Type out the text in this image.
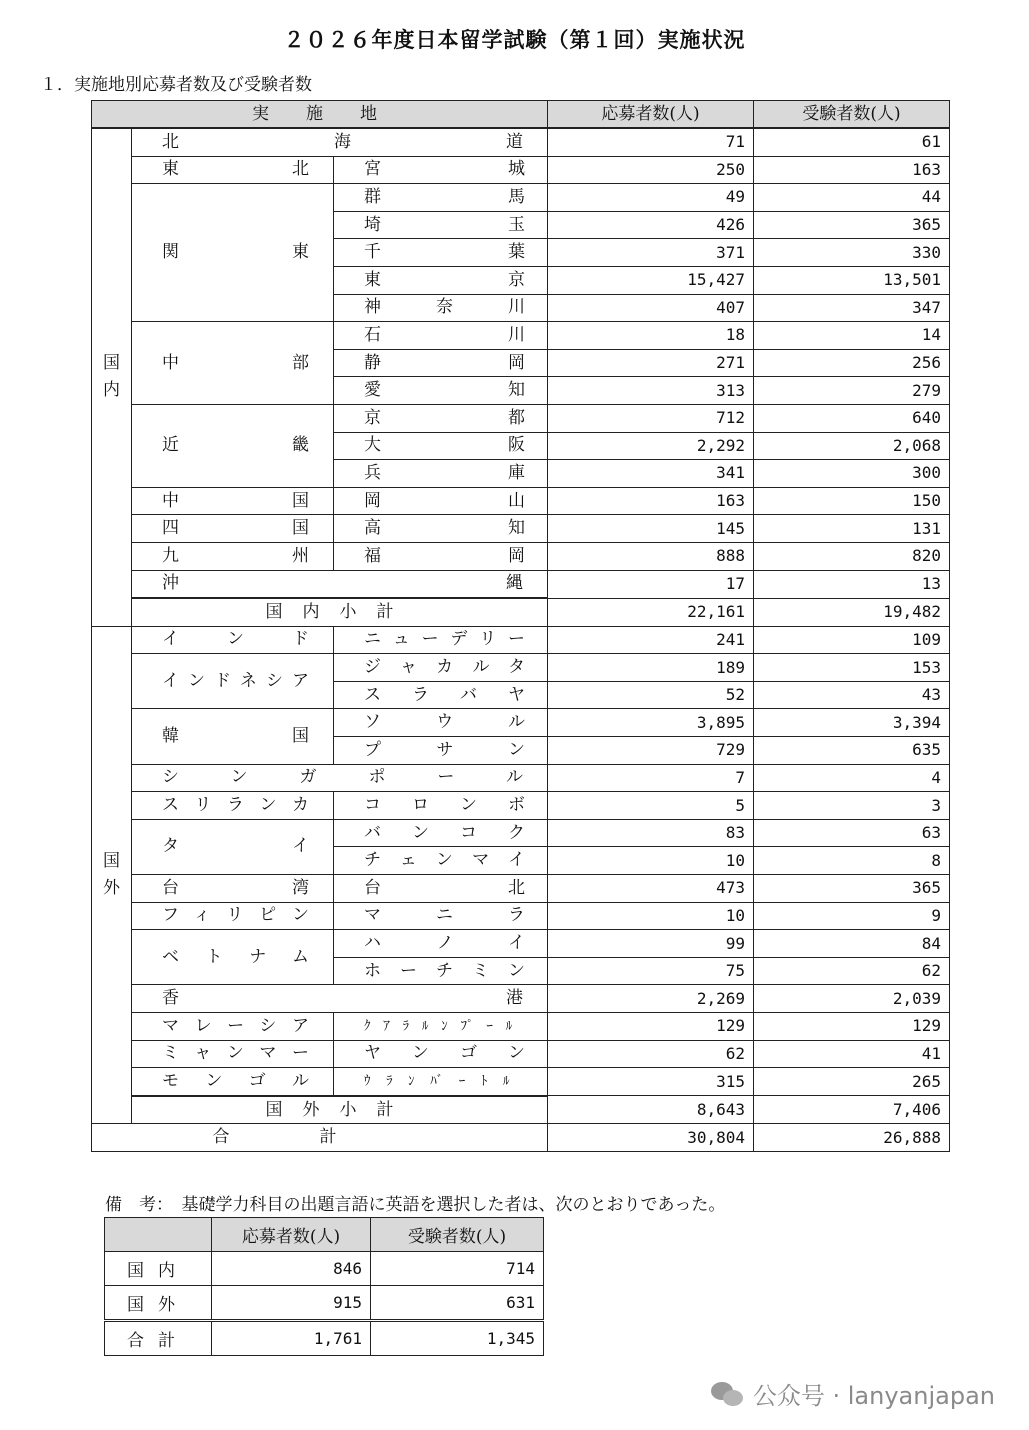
２０２６年度日本留学試験（第１回）実施状況
１．実施地別応募者数及び受験者数
実　施　地			応募者数(人)	受験者数(人)
国
内	北海道		71	61
	東北	宮城	250	163
	関東	群馬	49	44
		埼玉	426	365
		千葉	371	330
		東京	15,427	13,501
		神奈川	407	347
	中部	石川	18	14
		静岡	271	256
		愛知	313	279
	近畿	京都	712	640
		大阪	2,292	2,068
		兵庫	341	300
	中国	岡山	163	150
	四国	高知	145	131
	九州	福岡	888	820
	沖縄		17	13
	国内小計		22,161	19,482
国
外	インド	ニューデリー	241	109
	インドネシア	ジャカルタ	189	153
		スラバヤ	52	43
	韓国	ソウル	3,895	3,394
		プサン	729	635
	シンガポール		7	4
	スリランカ	コロンボ	5	3
	タイ	バンコク	83	63
		チェンマイ	10	8
	台湾	台北	473	365
	フィリピン	マニラ	10	9
	ベトナム	ハノイ	99	84
		ホーチミン	75	62
	香港		2,269	2,039
	マレーシア	ｸｱﾗﾙﾝﾌﾟｰﾙ	129	129
	ミャンマー	ヤンゴン	62	41
	モンゴル	ｳﾗﾝﾊﾞｰﾄﾙ	315	265
	国外小計		8,643	7,406
合計			30,804	26,888
備　考：　基礎学力科目の出題言語に英語を選択した者は、次のとおりであった。
	応募者数(人)	受験者数(人)
国内	846	714
国外	915	631
合計	1,761	1,345
公众号 · lanyanjapan
